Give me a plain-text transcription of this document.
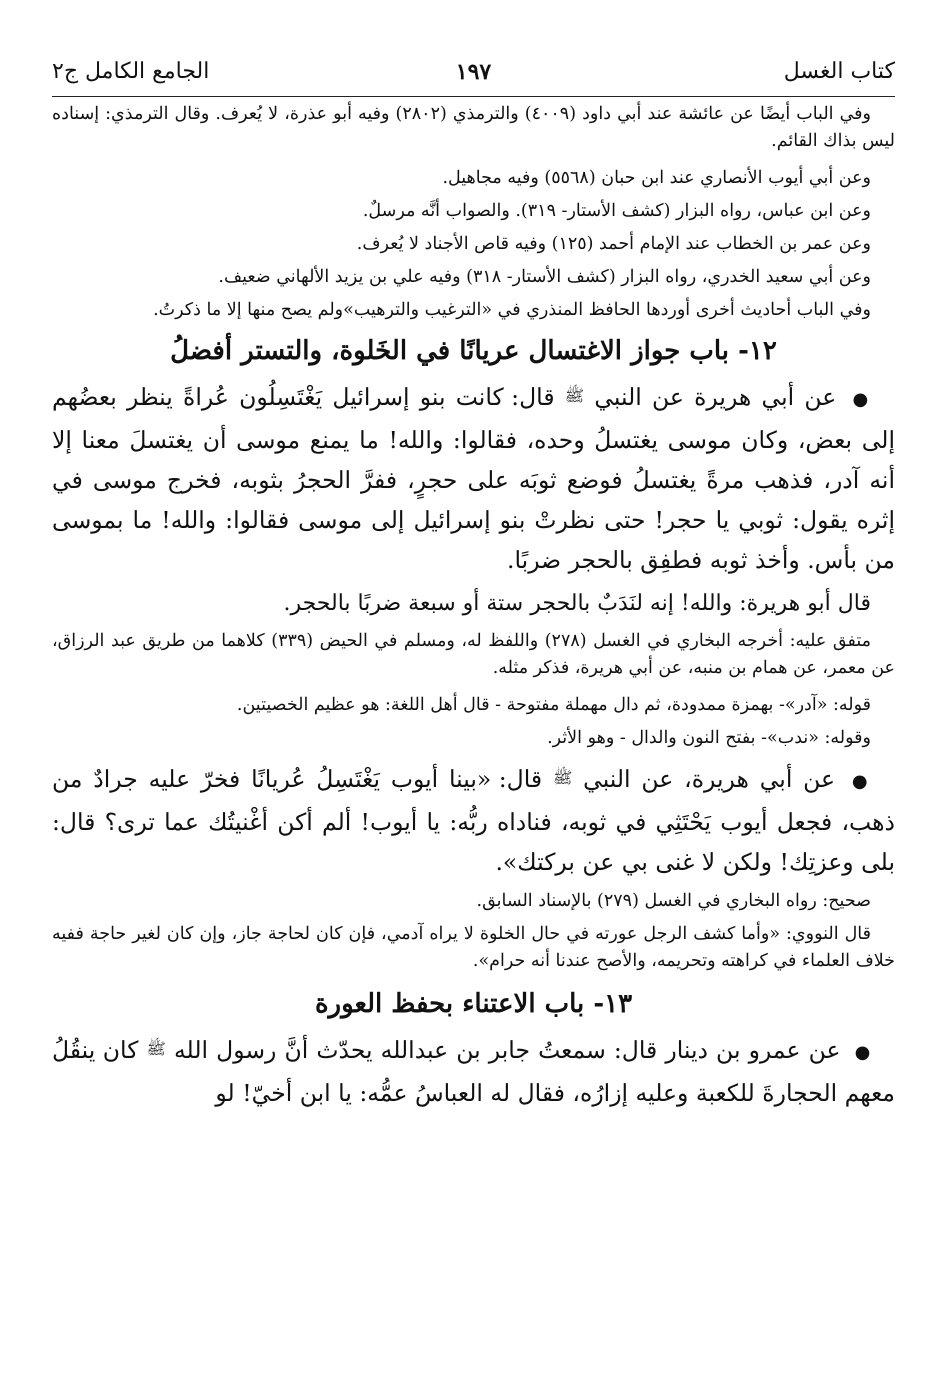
كتاب الغسل
١٩٧
الجامع الكامل ج٢

وفي الباب أيضًا عن عائشة عند أبي داود (٤٠٠٩) والترمذي (٢٨٠٢) وفيه أبو عذرة، لا يُعرف. وقال الترمذي: إسناده ليس بذاك القائم.

وعن أبي أيوب الأنصاري عند ابن حبان (٥٥٦٨) وفيه مجاهيل.

وعن ابن عباس، رواه البزار (كشف الأستار- ٣١٩). والصواب أنَّه مرسلٌ.

وعن عمر بن الخطاب عند الإمام أحمد (١٢٥) وفيه قاص الأجناد لا يُعرف.

وعن أبي سعيد الخدري، رواه البزار (كشف الأستار- ٣١٨) وفيه علي بن يزيد الألهاني ضعيف.

وفي الباب أحاديث أخرى أوردها الحافظ المنذري في «الترغيب والترهيب»ولم يصح منها إلا ما ذكرتُ.

١٢- باب جواز الاغتسال عريانًا في الخَلوة، والتستر أفضلُ

● عن أبي هريرة عن النبي ﷺ قال: كانت بنو إسرائيل يَغْتَسِلُون عُراةً ينظر بعضُهم إلى بعض، وكان موسى يغتسلُ وحده، فقالوا: والله! ما يمنع موسى أن يغتسلَ معنا إلا أنه آدر، فذهب مرةً يغتسلُ فوضع ثوبَه على حجرٍ، ففرَّ الحجرُ بثوبه، فخرج موسى في إثره يقول: ثوبي يا حجر! حتى نظرتْ بنو إسرائيل إلى موسى فقالوا: والله! ما بموسى من بأس. وأخذ ثوبه فطفِق بالحجر ضربًا.

قال أبو هريرة: والله! إنه لنَدَبٌ بالحجر ستة أو سبعة ضربًا بالحجر.

متفق عليه: أخرجه البخاري في الغسل (٢٧٨) واللفظ له، ومسلم في الحيض (٣٣٩) كلاهما من طريق عبد الرزاق، عن معمر، عن همام بن منبه، عن أبي هريرة، فذكر مثله.

قوله: «آدر»- بهمزة ممدودة، ثم دال مهملة مفتوحة - قال أهل اللغة: هو عظيم الخصيتين.

وقوله: «ندب»- بفتح النون والدال - وهو الأثر.

● عن أبي هريرة، عن النبي ﷺ قال: «بينا أيوب يَغْتَسِلُ عُريانًا فخرّ عليه جرادٌ من ذهب، فجعل أيوب يَحْتَثِي في ثوبه، فناداه ربُّه: يا أيوب! ألم أكن أغْنيتُك عما ترى؟ قال: بلى وعزتِك! ولكن لا غنى بي عن بركتك».

صحيح: رواه البخاري في الغسل (٢٧٩) بالإسناد السابق.

قال النووي: «وأما كشف الرجل عورته في حال الخلوة لا يراه آدمي، فإن كان لحاجة جاز، وإن كان لغير حاجة ففيه خلاف العلماء في كراهته وتحريمه، والأصح عندنا أنه حرام».

١٣- باب الاعتناء بحفظ العورة

● عن عمرو بن دينار قال: سمعتُ جابر بن عبدالله يحدّث أنَّ رسول الله ﷺ كان ينقُلُ معهم الحجارةَ للكعبة وعليه إزارُه، فقال له العباسُ عمُّه: يا ابن أخيّ! لو
